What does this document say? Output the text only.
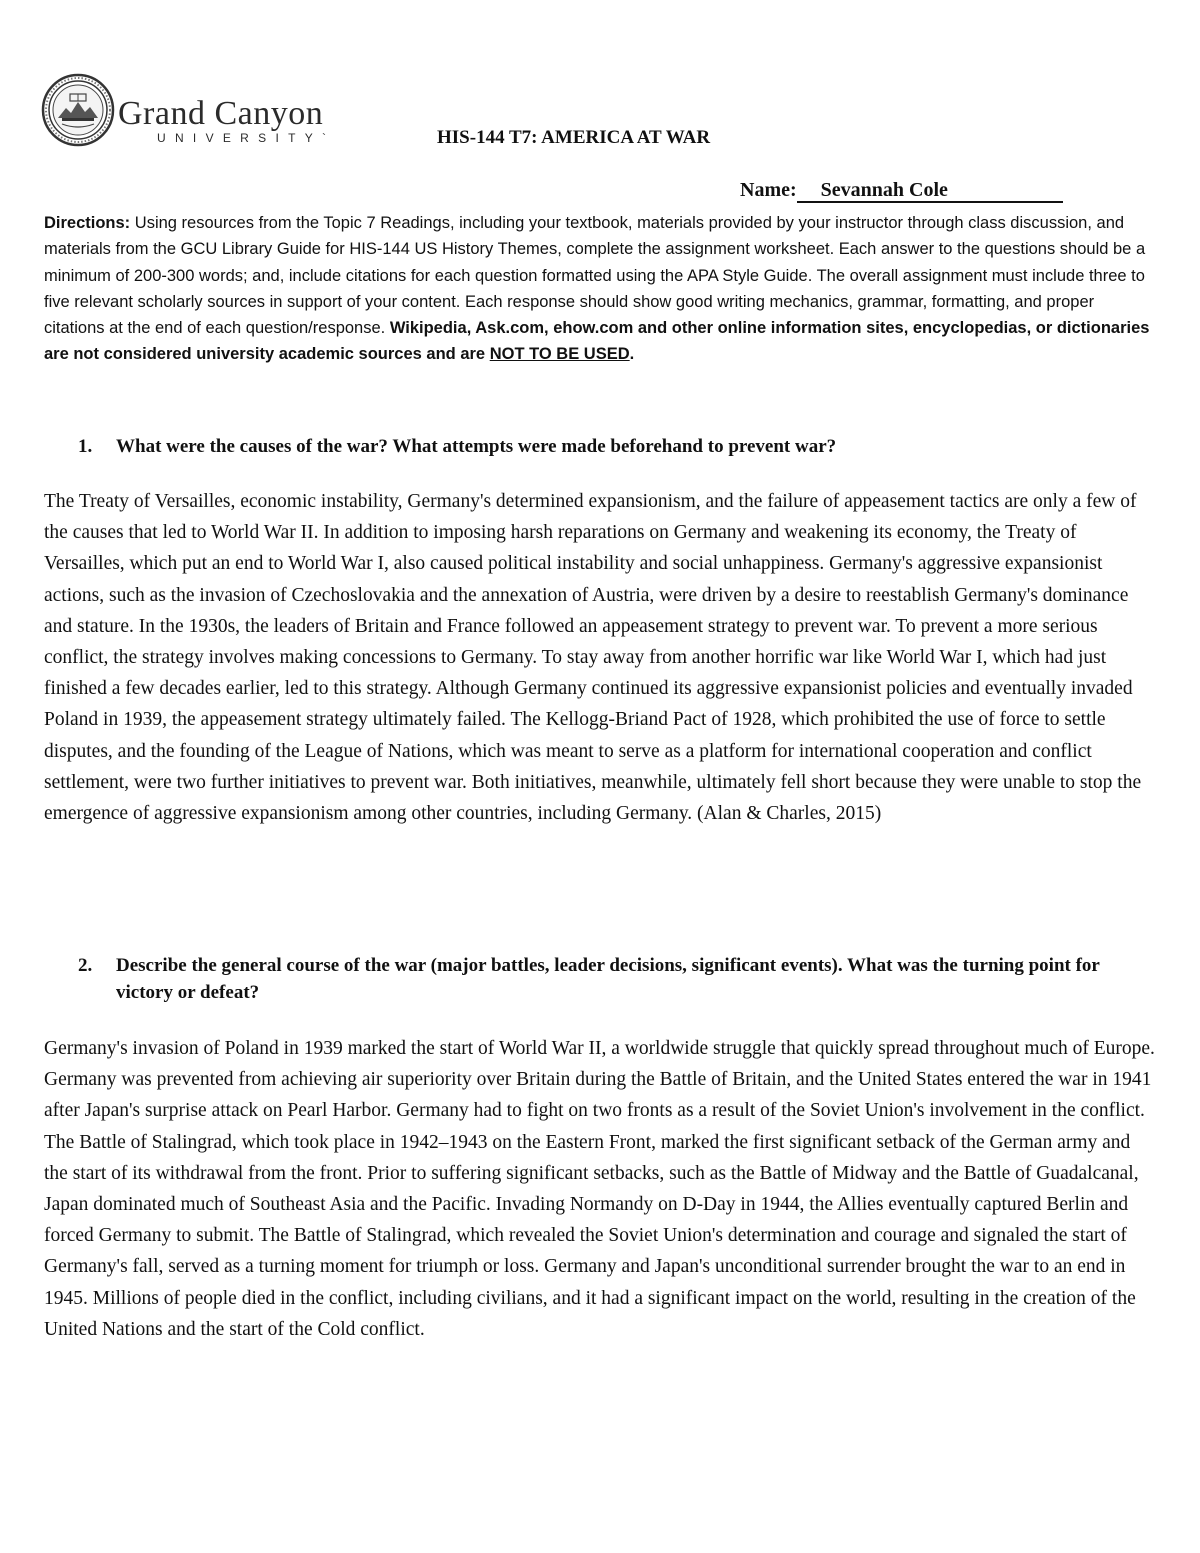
Grand Canyon
UNIVERSITY`	HIS-144 T7: AMERICA AT WAR
Name: Sevannah Cole

Directions: Using resources from the Topic 7 Readings, including your textbook, materials provided by your instructor through class discussion, and materials from the GCU Library Guide for HIS-144 US History Themes, complete the assignment worksheet. Each answer to the questions should be a minimum of 200-300 words; and, include citations for each question formatted using the APA Style Guide. The overall assignment must include three to five relevant scholarly sources in support of your content. Each response should show good writing mechanics, grammar, formatting, and proper citations at the end of each question/response. Wikipedia, Ask.com, ehow.com and other online information sites, encyclopedias, or dictionaries are not considered university academic sources and are NOT TO BE USED.

1. What were the causes of the war? What attempts were made beforehand to prevent war?

The Treaty of Versailles, economic instability, Germany's determined expansionism, and the failure of appeasement tactics are only a few of the causes that led to World War II. In addition to imposing harsh reparations on Germany and weakening its economy, the Treaty of Versailles, which put an end to World War I, also caused political instability and social unhappiness. Germany's aggressive expansionist actions, such as the invasion of Czechoslovakia and the annexation of Austria, were driven by a desire to reestablish Germany's dominance and stature. In the 1930s, the leaders of Britain and France followed an appeasement strategy to prevent war. To prevent a more serious conflict, the strategy involves making concessions to Germany. To stay away from another horrific war like World War I, which had just finished a few decades earlier, led to this strategy. Although Germany continued its aggressive expansionist policies and eventually invaded Poland in 1939, the appeasement strategy ultimately failed. The Kellogg-Briand Pact of 1928, which prohibited the use of force to settle disputes, and the founding of the League of Nations, which was meant to serve as a platform for international cooperation and conflict settlement, were two further initiatives to prevent war. Both initiatives, meanwhile, ultimately fell short because they were unable to stop the emergence of aggressive expansionism among other countries, including Germany. (Alan & Charles, 2015)

2. Describe the general course of the war (major battles, leader decisions, significant events). What was the turning point for victory or defeat?

Germany's invasion of Poland in 1939 marked the start of World War II, a worldwide struggle that quickly spread throughout much of Europe. Germany was prevented from achieving air superiority over Britain during the Battle of Britain, and the United States entered the war in 1941 after Japan's surprise attack on Pearl Harbor. Germany had to fight on two fronts as a result of the Soviet Union's involvement in the conflict. The Battle of Stalingrad, which took place in 1942–1943 on the Eastern Front, marked the first significant setback of the German army and the start of its withdrawal from the front. Prior to suffering significant setbacks, such as the Battle of Midway and the Battle of Guadalcanal, Japan dominated much of Southeast Asia and the Pacific. Invading Normandy on D-Day in 1944, the Allies eventually captured Berlin and forced Germany to submit. The Battle of Stalingrad, which revealed the Soviet Union's determination and courage and signaled the start of Germany's fall, served as a turning moment for triumph or loss. Germany and Japan's unconditional surrender brought the war to an end in 1945. Millions of people died in the conflict, including civilians, and it had a significant impact on the world, resulting in the creation of the United Nations and the start of the Cold conflict.
